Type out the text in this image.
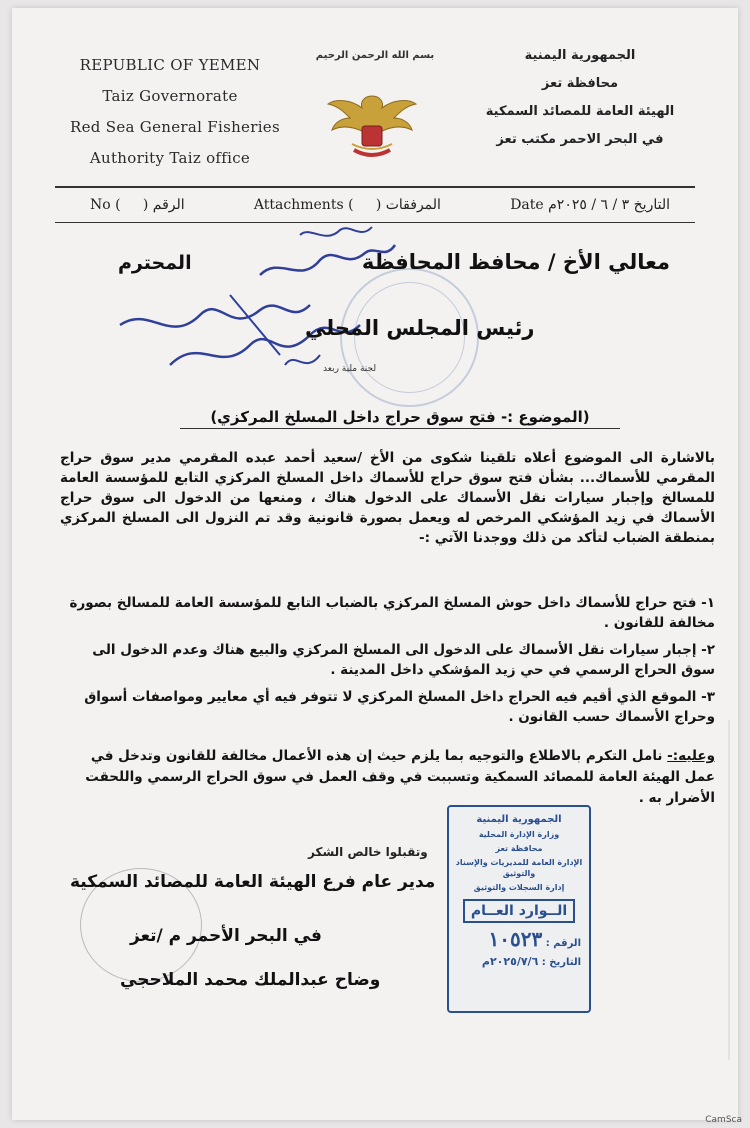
REPUBLIC OF YEMEN
Taiz Governorate
Red Sea General Fisheries
Authority Taiz office
بسم الله الرحمن الرحيم	الجمهورية اليمنية
محافظة تعز
الهيئة العامة للمصائد السمكية
في البحر الاحمر مكتب تعز
No ( ) الرقم	Attachments ( ) المرفقات	Date التاريخ ٣ / ٦ / ٢٠٢٥م
معالي الأخ / محافظ المحافظة
المحترم
رئيس المجلس المحلي
لجنة ملية ربعد
(الموضوع :- فتح سوق حراج داخل المسلخ المركزي)
بالاشارة الى الموضوع أعلاه تلقينا شكوى من الأخ /سعيد أحمد عبده المقرمي مدير سوق حراج المقرمي للأسماك... بشأن فتح سوق حراج للأسماك داخل المسلخ المركزي التابع للمؤسسة العامة للمسالخ وإجبار سيارات نقل الأسماك على الدخول هناك ، ومنعها من الدخول الى سوق حراج الأسماك في زيد المؤشكي المرخص له ويعمل بصورة قانونية وقد تم النزول الى المسلخ المركزي بمنطقة الضباب لتأكد من ذلك ووجدنا الآتي :-
١- فتح حراج للأسماك داخل حوش المسلخ المركزي بالضباب التابع للمؤسسة العامة للمسالخ بصورة مخالفة للقانون .
٢- إجبار سيارات نقل الأسماك على الدخول الى المسلخ المركزي والبيع هناك وعدم الدخول الى سوق الحراج الرسمي في حي زيد المؤشكي داخل المدينة .
٣- الموقع الذي أقيم فيه الحراج داخل المسلخ المركزي لا تتوفر فيه أي معايير ومواصفات أسواق وحراج الأسماك حسب القانون .
وعليه:- نامل التكرم بالاطلاع والتوجيه بما يلزم حيث إن هذه الأعمال مخالفة للقانون وتدخل في عمل الهيئة العامة للمصائد السمكية وتسببت في وقف العمل في سوق الحراج الرسمي واللحقت الأضرار به .
وتقبلوا خالص الشكر
مدير عام فرع الهيئة العامة للمصائد السمكية
في البحر الأحمر م /تعز
وضاح عبدالملك محمد الملاحجي
الجمهورية اليمنية
وزارة الإدارة المحلية
محافظة تعز
الإدارة العامة للمديريات والإسناد والتوثيق
إدارة السجلات والتوثيق
الــوارد العــام
الرقم : ١٠٥٢٣
التاريخ : ٢٠٢٥/٧/٦م
CamSca
